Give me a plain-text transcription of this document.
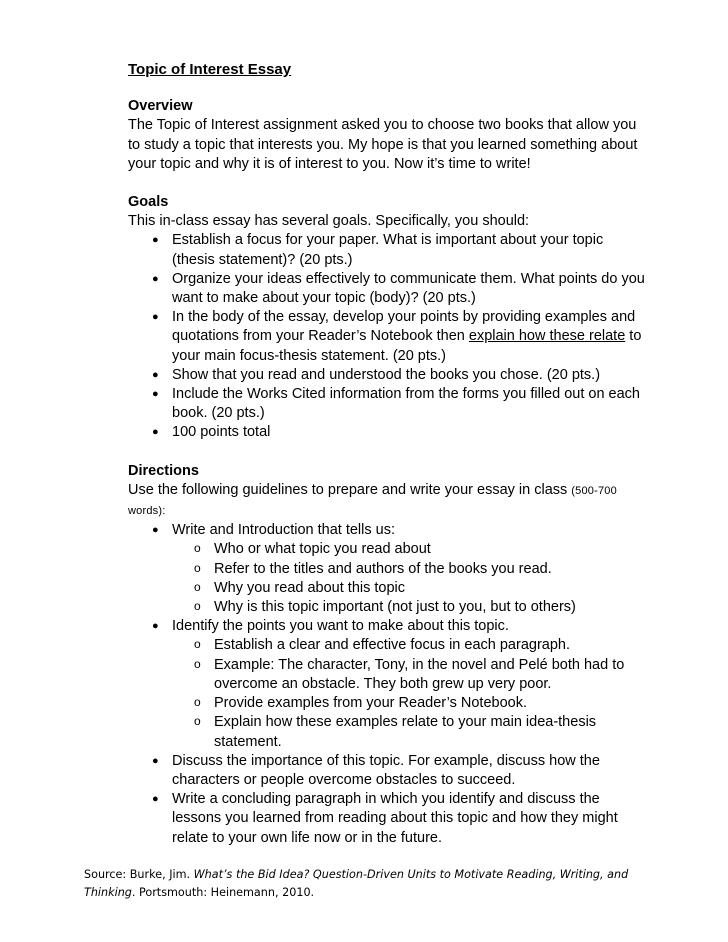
Topic of Interest Essay

Overview

The Topic of Interest assignment asked you to choose two books that allow you to study a topic that interests you. My hope is that you learned something about your topic and why it is of interest to you. Now it’s time to write!

Goals

This in-class essay has several goals. Specifically, you should:

● Establish a focus for your paper. What is important about your topic (thesis statement)? (20 pts.)
● Organize your ideas effectively to communicate them. What points do you want to make about your topic (body)? (20 pts.)
● In the body of the essay, develop your points by providing examples and quotations from your Reader’s Notebook then explain how these relate to your main focus-thesis statement. (20 pts.)
● Show that you read and understood the books you chose. (20 pts.)
● Include the Works Cited information from the forms you filled out on each book. (20 pts.)
● 100 points total

Directions

Use the following guidelines to prepare and write your essay in class (500-700 words):

● Write and Introduction that tells us:
o Who or what topic you read about
o Refer to the titles and authors of the books you read.
o Why you read about this topic
o Why is this topic important (not just to you, but to others)
● Identify the points you want to make about this topic.
o Establish a clear and effective focus in each paragraph.
o Example: The character, Tony, in the novel and Pelé both had to overcome an obstacle. They both grew up very poor.
o Provide examples from your Reader’s Notebook.
o Explain how these examples relate to your main idea-thesis statement.
● Discuss the importance of this topic. For example, discuss how the characters or people overcome obstacles to succeed.
● Write a concluding paragraph in which you identify and discuss the lessons you learned from reading about this topic and how they might relate to your own life now or in the future.
Source: Burke, Jim. What’s the Bid Idea? Question-Driven Units to Motivate Reading, Writing, and Thinking. Portsmouth: Heinemann, 2010.
